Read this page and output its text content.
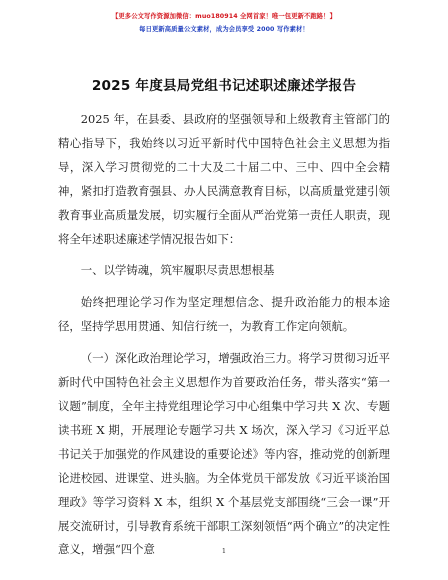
【更多公文写作资源加微信：muo180914 全网首家！唯一包更新不跑路！】
每日更新高质量公文素材，成为会员享受 2000 写作素材！
2025 年度县局党组书记述职述廉述学报告

2025 年，在县委、县政府的坚强领导和上级教育主管部门的精心指导下，我始终以习近平新时代中国特色社会主义思想为指导，深入学习贯彻党的二十大及二十届二中、三中、四中全会精神，紧扣打造教育强县、办人民满意教育目标，以高质量党建引领教育事业高质量发展，切实履行全面从严治党第一责任人职责，现将全年述职述廉述学情况报告如下：

一、以学铸魂，筑牢履职尽责思想根基

始终把理论学习作为坚定理想信念、提升政治能力的根本途径，坚持学思用贯通、知信行统一，为教育工作定向领航。

（一）深化政治理论学习，增强政治三力。将学习贯彻习近平新时代中国特色社会主义思想作为首要政治任务，带头落实“第一议题”制度，全年主持党组理论学习中心组集中学习共 X 次、专题读书班 X 期，开展理论专题学习共 X 场次，深入学习《习近平总书记关于加强党的作风建设的重要论述》等内容，推动党的创新理论进校园、进课堂、进头脑。为全体党员干部发放《习近平谈治国理政》等学习资料 X 本，组织 X 个基层党支部围绕“三会一课”开展交流研讨，引导教育系统干部职工深刻领悟“两个确立”的决定性意义，增强“四个意	1
